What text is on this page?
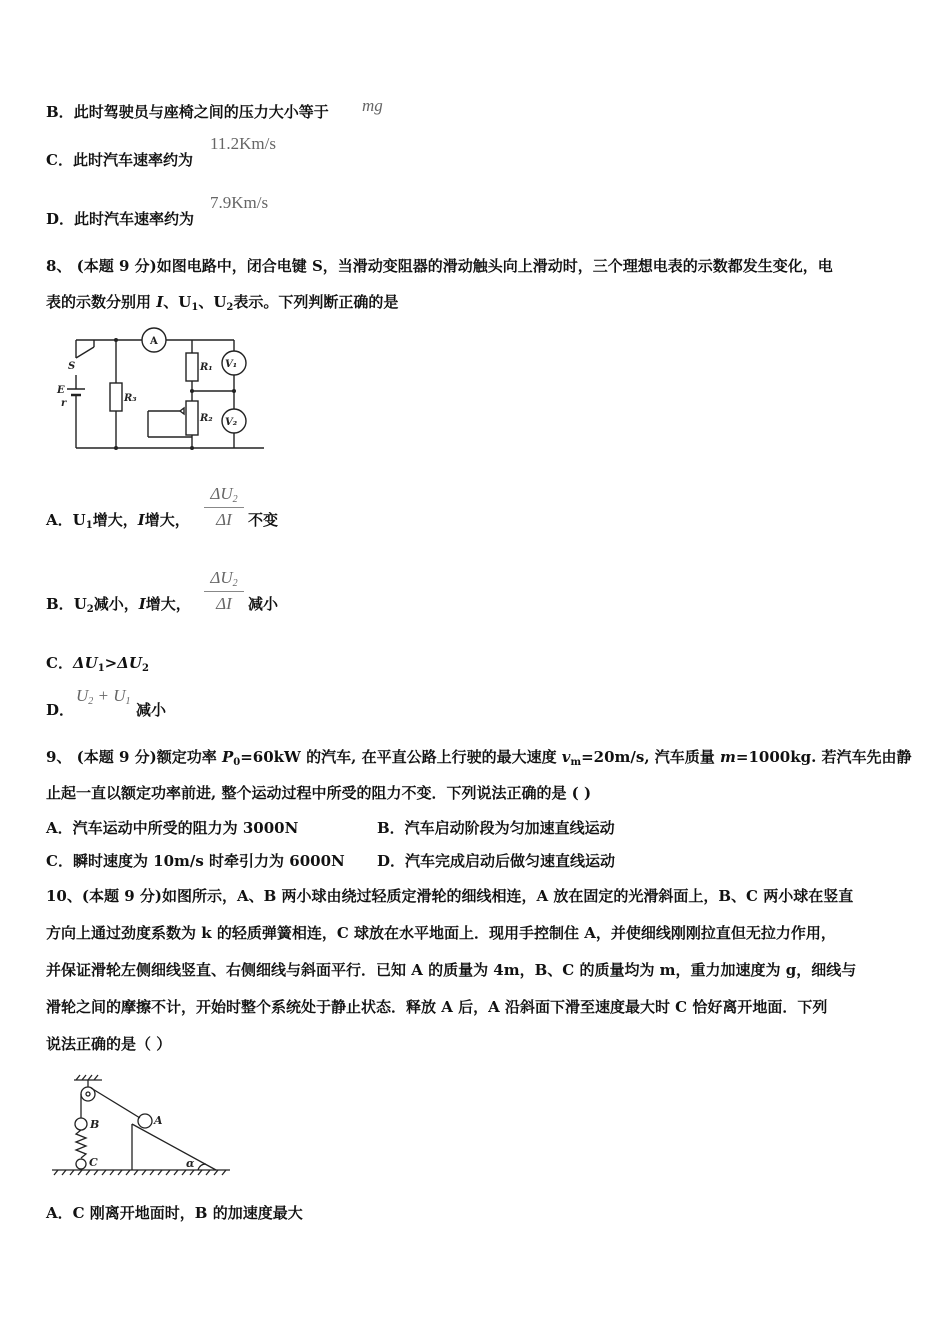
B．此时驾驶员与座椅之间的压力大小等于 mg
C．此时汽车速率约为
11.2Km/s
D．此时汽车速率约为
7.9Km/s
8、 (本题 9 分)如图电路中，闭合电键 S，当滑动变阻器的滑动触头向上滑动时，三个理想电表的示数都发生变化，电
表的示数分别用 I、$U_1$、$U_2$表示。下列判断正确的是
A
V₁
V₂
S
E
r	R₃
R₁
R₂
A．$U_1$增大，I增大， $\frac{\Delta U_2}{\Delta I}$ 不变
B．$U_2$减小，I增大， $\frac{\Delta U_2}{\Delta I}$ 减小
C．$\Delta U_1>\Delta U_2$
D．
$U_2 + U_1$ 减小
9、 (本题 9 分)额定功率 $P_0=60kW$ 的汽车, 在平直公路上行驶的最大速度 $v_m=20m/s$, 汽车质量 m=1000kg. 若汽车先由静
止起一直以额定功率前进, 整个运动过程中所受的阻力不变．下列说法正确的是 ( )
A．汽车运动中所受的阻力为 3000N	B．汽车启动阶段为匀加速直线运动
C．瞬时速度为 10m/s 时牵引力为 6000N D．汽车完成启动后做匀速直线运动
10、(本题 9 分)如图所示，A、B 两小球由绕过轻质定滑轮的细线相连，A 放在固定的光滑斜面上，B、C 两小球在竖直
方向上通过劲度系数为 k 的轻质弹簧相连，C 球放在水平地面上．现用手控制住 A，并使细线刚刚拉直但无拉力作用，
并保证滑轮左侧细线竖直、右侧细线与斜面平行．已知 A 的质量为 4m，B、C 的质量均为 m，重力加速度为 g，细线与
滑轮之间的摩擦不计，开始时整个系统处于静止状态．释放 A 后，A 沿斜面下滑至速度最大时 C 恰好离开地面．下列
说法正确的是（ ）
A
B
C	α
A．C 刚离开地面时，B 的加速度最大
